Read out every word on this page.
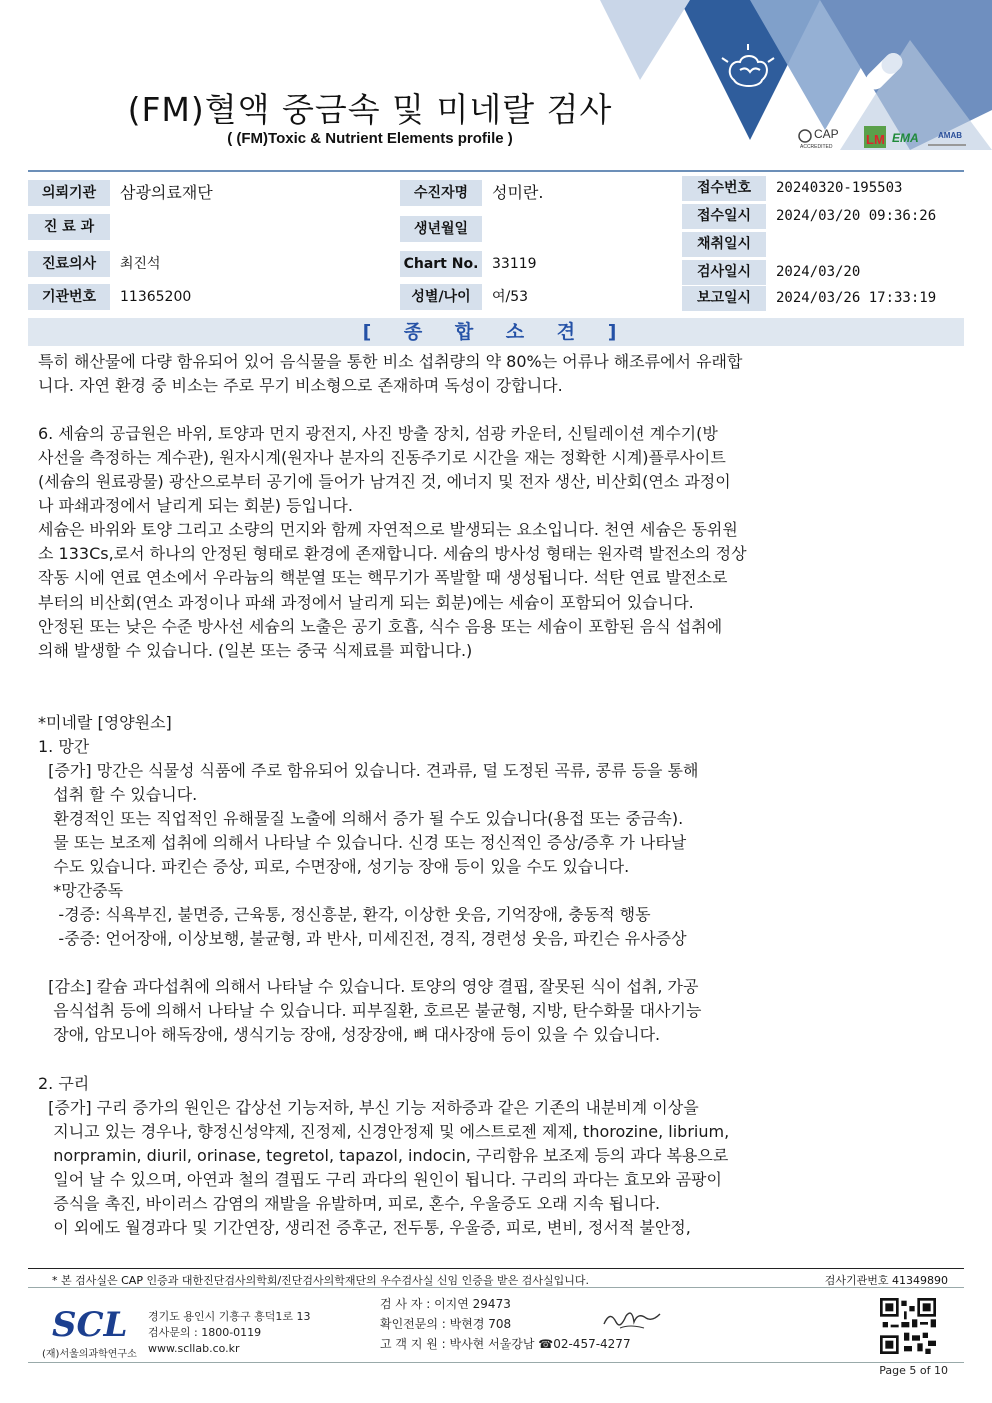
(FM)혈액 중금속 및 미네랄 검사
( (FM)Toxic & Nutrient Elements profile )	CAP
ACCREDITED	LM EMA AMAB
의뢰기관	삼광의료재단
진 료 과
진료의사	최진석
기관번호	11365200
수진자명	성미란.
생년월일
Chart No. 33119
성별/나이	여/53
접수번호	20240320-195503
접수일시	2024/03/20 09:36:26
채취일시
검사일시	2024/03/20
보고일시	2024/03/26 17:33:19
[ 종 합 소 견 ]
특히 해산물에 다량 함유되어 있어 음식물을 통한 비소 섭취량의 약 80%는 어류나 해조류에서 유래합
니다. 자연 환경 중 비소는 주로 무기 비소형으로 존재하며 독성이 강합니다.
6. 세슘의 공급원은 바위, 토양과 먼지 광전지, 사진 방출 장치, 섬광 카운터, 신틸레이션 계수기(방
사선을 측정하는 계수관), 원자시계(원자나 분자의 진동주기로 시간을 재는 정확한 시계)플루사이트
(세슘의 원료광물) 광산으로부터 공기에 들어가 남겨진 것, 에너지 및 전자 생산, 비산회(연소 과정이
나 파쇄과정에서 날리게 되는 회분) 등입니다.
세슘은 바위와 토양 그리고 소량의 먼지와 함께 자연적으로 발생되는 요소입니다. 천연 세슘은 동위원
소 133Cs,로서 하나의 안정된 형태로 환경에 존재합니다. 세슘의 방사성 형태는 원자력 발전소의 정상
작동 시에 연료 연소에서 우라늄의 핵분열 또는 핵무기가 폭발할 때 생성됩니다. 석탄 연료 발전소로
부터의 비산회(연소 과정이나 파쇄 과정에서 날리게 되는 회분)에는 세슘이 포함되어 있습니다.
안정된 또는 낮은 수준 방사선 세슘의 노출은 공기 호흡, 식수 음용 또는 세슘이 포함된 음식 섭취에
의해 발생할 수 있습니다. (일본 또는 중국 식제료를 피합니다.)
*미네랄 [영양원소]
1. 망간
[증가] 망간은 식물성 식품에 주로 함유되어 있습니다. 견과류, 덜 도정된 곡류, 콩류 등을 통해
섭취 할 수 있습니다.
환경적인 또는 직업적인 유해물질 노출에 의해서 증가 될 수도 있습니다(용접 또는 중금속).
물 또는 보조제 섭취에 의해서 나타날 수 있습니다. 신경 또는 정신적인 증상/증후 가 나타날
수도 있습니다. 파킨슨 증상, 피로, 수면장애, 성기능 장애 등이 있을 수도 있습니다.
*망간중독
-경증: 식욕부진, 불면증, 근육통, 정신흥분, 환각, 이상한 웃음, 기억장애, 충동적 행동
-중증: 언어장애, 이상보행, 불균형, 과 반사, 미세진전, 경직, 경련성 웃음, 파킨슨 유사증상
[감소] 칼슘 과다섭취에 의해서 나타날 수 있습니다. 토양의 영양 결핍, 잘못된 식이 섭취, 가공
음식섭취 등에 의해서 나타날 수 있습니다. 피부질환, 호르몬 불균형, 지방, 탄수화물 대사기능
장애, 암모니아 해독장애, 생식기능 장애, 성장장애, 뼈 대사장애 등이 있을 수 있습니다.
2. 구리
[증가] 구리 증가의 원인은 갑상선 기능저하, 부신 기능 저하증과 같은 기존의 내분비계 이상을
지니고 있는 경우나, 향정신성약제, 진정제, 신경안정제 및 에스트로젠 제제, thorozine, librium,
norpramin, diuril, orinase, tegretol, tapazol, indocin, 구리함유 보조제 등의 과다 복용으로
일어 날 수 있으며, 아연과 철의 결핍도 구리 과다의 원인이 됩니다. 구리의 과다는 효모와 곰팡이
증식을 촉진, 바이러스 감염의 재발을 유발하며, 피로, 혼수, 우울증도 오래 지속 됩니다.
이 외에도 월경과다 및 기간연장, 생리전 증후군, 전두통, 우울증, 피로, 변비, 정서적 불안정,
* 본 검사실은 CAP 인증과 대한진단검사의학회/진단검사의학재단의 우수검사실 신임 인증을 받은 검사실입니다.	검사기관번호 41349890
SCL
(재)서울의과학연구소
경기도 용인시 기흥구 흥덕1로 13
검사문의 : 1800-0119
www.scllab.co.kr
검 사 자 : 이지연 29473
확인전문의 : 박현경 708
고 객 지 원 : 박사현 서울강남 ☎02-457-4277
Page 5 of 10
